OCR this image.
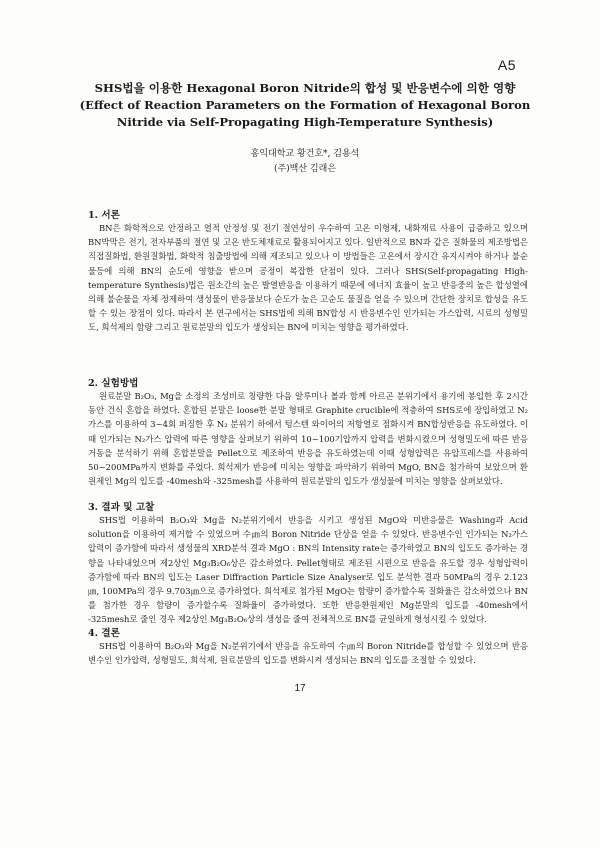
A5
SHS법을 이용한 Hexagonal Boron Nitride의 합성 및 반응변수에 의한 영향
(Effect of Reaction Parameters on the Formation of Hexagonal Boron
Nitride via Self-Propagating High-Temperature Synthesis)
홍익대학교 황건호*, 김용석
(주)백산 김래은
1. 서론

BN은 화학적으로 안정하고 열적 안정성 및 전기 절연성이 우수하여 고온 이형제, 내화재료 사용이 급증하고 있으며 BN박막은 전기, 전자부품의 절연 및 고온 반도체재료로 활용되어지고 있다. 일반적으로 BN과 같은 질화물의 제조방법은 직접질화법, 환원질화법, 화학적 침출방법에 의해 제조되고 있으나 이 방법들은 고온에서 장시간 유지시켜야 하거나 불순물등에 의해 BN의 순도에 영향을 받으며 공정이 복잡한 단점이 있다. 그러나 SHS(Self-propagating High-temperature Synthesis)법은 원소간의 높은 발열반응을 이용하기 때문에 에너지 효율이 높고 반응중의 높은 합성열에 의해 불순물을 자체 정제하여 생성물이 반응물보다 순도가 높은 고순도 물질을 얻을 수 있으며 간단한 장치로 합성을 유도할 수 있는 장점이 있다. 따라서 본 연구에서는 SHS법에 의해 BN합성 시 반응변수인 인가되는 가스압력, 시료의 성형밀도, 희석제의 함량 그리고 원료분말의 입도가 생성되는 BN에 미치는 영향을 평가하였다.

2. 실험방법

원료분말 B₂O₃, Mg을 소정의 조성비로 칭량한 다음 알루미나 볼과 함께 아르곤 분위기에서 용기에 봉입한 후 2시간동안 건식 혼합을 하였다. 혼합된 분말은 loose한 분말 형태로 Graphite crucible에 적층하여 SHS로에 장입하였고 N₂가스를 이용하여 3~4회 퍼징한 후 N₂ 분위기 하에서 텅스텐 와이어의 저항열로 점화시켜 BN합성반응을 유도하였다. 이때 인가되는 N₂가스 압력에 따른 영향을 살펴보기 위하여 10~100기압까지 압력을 변화시켰으며 성형밀도에 따른 반응거동을 분석하기 위해 혼합분말을 Pellet으로 제조하여 반응을 유도하였는데 이때 성형압력은 유압프레스를 사용하여 50~200MPa까지 변화를 주었다. 희석제가 반응에 미치는 영향을 파악하기 위하여 MgO, BN을 첨가하여 보았으며 환원제인 Mg의 입도를 -40mesh와 -325mesh를 사용하여 원료분말의 입도가 생성물에 미치는 영향을 살펴보았다.

3. 결과 및 고찰

SHS법 이용하여 B₂O₃와 Mg을 N₂분위기에서 반응을 시키고 생성된 MgO와 미반응물은 Washing과 Acid solution을 이용하여 제거할 수 있었으며 수㎛의 Boron Nitride 단상을 얻을 수 있었다. 반응변수인 인가되는 N₂가스 압력이 증가함에 따라서 생성물의 XRD분석 결과 MgO : BN의 Intensity rate는 증가하였고 BN의 입도도 증가하는 경향을 나타내었으며 제2상인 Mg₃B₂O₆상은 감소하였다. Pellet형태로 제조된 시편으로 반응을 유도할 경우 성형압력이 증가함에 따라 BN의 입도는 Laser Diffraction Particle Size Analyser로 입도 분석한 결과 50MPa의 경우 2.123㎛, 100MPa의 경우 9.703㎛으로 증가하였다. 희석제로 첨가된 MgO는 함량이 증가할수록 질화율은 감소하였으나 BN를 첨가한 경우 함량이 증가할수록 질화율이 증가하였다. 또한 반응환원제인 Mg분말의 입도를 -40mesh에서 -325mesh로 줄인 경우 제2상인 Mg₃B₂O₆상의 생성을 줄여 전체적으로 BN를 균일하게 형성시킬 수 있었다.

4. 결론

SHS법 이용하여 B₂O₃와 Mg을 N₂분위기에서 반응을 유도하여 수㎛의 Boron Nitride를 합성할 수 있었으며 반응변수인 인가압력, 성형밀도, 희석제, 원료분말의 입도를 변화시켜 생성되는 BN의 입도를 조절할 수 있었다.

17
